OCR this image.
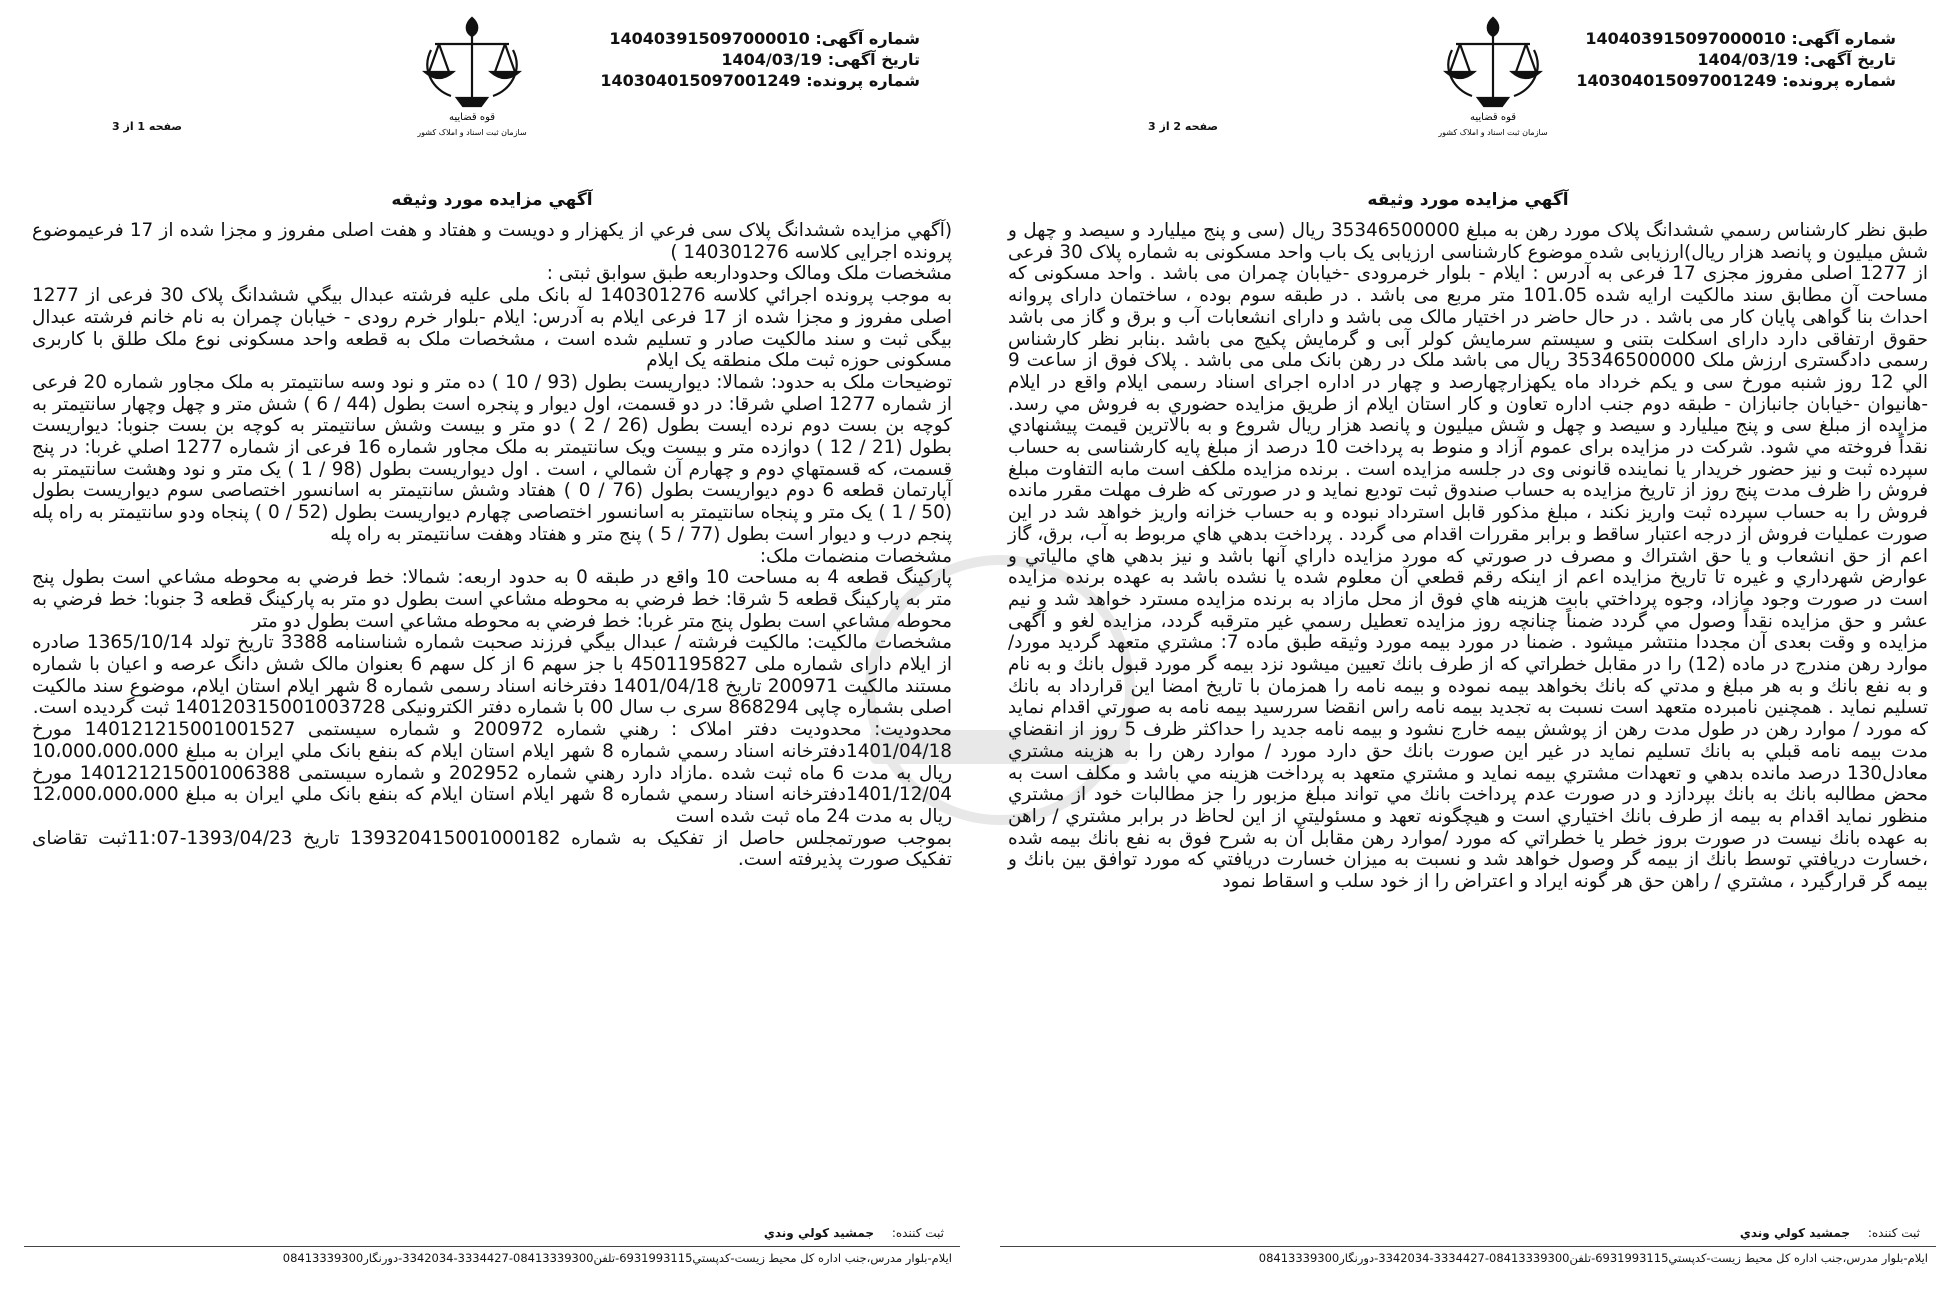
شماره آگهی: 14040391509700001​0
تاریخ آگهی: 1404/03/19
شماره پرونده: 140304015097001249
قوه قضاییه
سازمان ثبت اسناد و املاک کشور
صفحه 2 از 3
آگهي مزايده مورد وثيقه

طبق نظر كارشناس رسمي ششدانگ پلاک مورد رهن به مبلغ 35346500000 ریال (سی و پنج میلیارد و سیصد و چهل و شش میلیون و پانصد هزار ریال)ارزیابی شده موضوع کارشناسی ارزیابی یک باب واحد مسکونی به شماره پلاک 30 فرعی از 1277 اصلی مفروز مجزی 17 فرعی به آدرس : ایلام - بلوار خرمرودی -خیابان چمران می باشد . واحد مسکونی که مساحت آن مطابق سند مالکیت ارایه شده 101.05 متر مربع می باشد . در طبقه سوم بوده ، ساختمان دارای پروانه احداث بنا گواهی پایان کار می باشد . در حال حاضر در اختیار مالک می باشد و دارای انشعابات آب و برق و گاز می باشد حقوق ارتفاقی دارد دارای اسکلت بتنی و سیستم سرمایش کولر آبی و گرمایش پکیج می باشد .بنابر نظر کارشناس رسمی دادگستری ارزش ملک 35346500000 ریال می باشد ملک در رهن بانک ملی می باشد . پلاک فوق از ساعت 9 الي 12 روز شنبه مورخ سی و یکم خرداد ماه یکهزارچهارصد و چهار در اداره اجرای اسناد رسمی ایلام واقع در ایلام -هانیوان -خیابان جانبازان - طبقه دوم جنب اداره تعاون و کار استان ایلام از طريق مزايده حضوري به فروش مي رسد. مزايده از مبلغ سی و پنج میلیارد و سیصد و چهل و شش میلیون و پانصد هزار ریال شروع و به بالاترين قيمت پيشنهادي نقداً فروخته مي شود. شرکت در مزایده برای عموم آزاد و منوط به پرداخت 10 درصد از مبلغ پایه کارشناسی به حساب سپرده ثبت و نیز حضور خریدار یا نماینده قانونی وی در جلسه مزایده است . برنده مزایده ملکف است مابه التفاوت مبلغ فروش را ظرف مدت پنج روز از تاریخ مزایده به حساب صندوق ثبت تودیع نماید و در صورتی که ظرف مهلت مقرر مانده فروش را به حساب سپرده ثبت واریز نکند ، مبلغ مذکور قابل استرداد نبوده و به حساب خزانه واریز خواهد شد در این صورت عملیات فروش از درجه اعتبار ساقط و برابر مقررات اقدام می گردد . پرداخت بدهي هاي مربوط به آب، برق، گاز اعم از حق انشعاب و يا حق اشتراك و مصرف در صورتي كه مورد مزايده داراي آنها باشد و نيز بدهي هاي مالياتي و عوارض شهرداري و غيره تا تاريخ مزايده اعم از اينكه رقم قطعي آن معلوم شده يا نشده باشد به عهده برنده مزايده است در صورت وجود مازاد، وجوه پرداختي بابت هزينه هاي فوق از محل مازاد به برنده مزايده مسترد خواهد شد و نيم عشر و حق مزايده نقداً وصول مي گردد ضمناً چنانچه روز مزايده تعطيل رسمي غير مترقبه گردد، مزايده لغو و آگهی مزايده و وقت بعدی آن مجددا منتشر میشود . ضمنا در مورد بيمه مورد وثيقه طبق ماده 7: مشتري متعهد گرديد مورد/موارد رهن مندرج در ماده (12) را در مقابل خطراتي كه از طرف بانك تعيين ميشود نزد بيمه گر مورد قبول بانك و به نام و به نفع بانك و به هر مبلغ و مدتي كه بانك بخواهد بيمه نموده و بيمه نامه را همزمان با تاريخ امضا اين قرارداد به بانك تسليم نمايد . همچنين نامبرده متعهد است نسبت به تجديد بيمه نامه راس انقضا سررسيد بيمه نامه به صورتي اقدام نمايد كه مورد / موارد رهن در طول مدت رهن از پوشش بيمه خارج نشود و بيمه نامه جديد را حداكثر ظرف 5 روز از انقضاي مدت بيمه نامه قبلي به بانك تسليم نمايد در غير اين صورت بانك حق دارد مورد / موارد رهن را به هزينه مشتري معادل130 درصد مانده بدهي و تعهدات مشتري بيمه نمايد و مشتري متعهد به پرداخت هزينه مي باشد و مكلف است به محض مطالبه بانك به بانك بپردازد و در صورت عدم پرداخت بانك مي تواند مبلغ مزبور را جز مطالبات خود از مشتري منظور نمايد اقدام به بيمه از طرف بانك اختياري است و هيچگونه تعهد و مسئوليتي از اين لحاظ در برابر مشتري / راهن به عهده بانك نيست در صورت بروز خطر يا خطراتي كه مورد /موارد رهن مقابل آن به شرح فوق به نفع بانك بيمه شده ،خسارت دريافتي توسط بانك از بيمه گر وصول خواهد شد و نسبت به ميزان خسارت دريافتي كه مورد توافق بين بانك و بيمه گر قرارگيرد ، مشتري / راهن حق هر گونه ايراد و اعتراض را از خود سلب و اسقاط نمود

ثبت کننده: جمشيد كولي وندي
ايلام-بلوار مدرس،جنب اداره كل محيط زيست-كدپستي6931993115-تلفن08413339300-3334427-3342034-دورنگار08413339300
شماره آگهی: 140403915097000010
تاریخ آگهی: 1404/03/19
شماره پرونده: 140304015097001249
قوه قضاییه
سازمان ثبت اسناد و املاک کشور
صفحه 1 از 3
آگهي مزايده مورد وثيقه

(آگهي مزايده ششدانگ پلاک سی فرعي از يكهزار و دويست و هفتاد و هفت اصلی مفروز و مجزا شده از 17 فرعيموضوع پرونده اجرايى كلاسه 140301276 )

مشخصات ملک ومالک وحدوداربعه طبق سوابق ثبتی :

به موجب پرونده اجرائي كلاسه 140301276 له بانک ملی علیه فرشته عبدال بيگي ششدانگ پلاک 30 فرعی از 1277 اصلی مفروز و مجزا شده از 17 فرعی ایلام به آدرس: ایلام -بلوار خرم رودی - خیابان چمران به نام خانم فرشته عبدال بیگی ثبت و سند مالکیت صادر و تسلیم شده است ، مشخصات ملک به قطعه واحد مسکونی نوع ملک طلق با کاربری مسکونی حوزه ثبت ملک منطقه یک ایلام

توضیحات ملک به حدود: شمالا: دیواریست بطول (93 / 10 ) ده متر و نود وسه سانتیمتر به ملک مجاور شماره 20 فرعی از شماره 1277 اصلي شرقا: در دو قسمت، اول دیوار و پنجره است بطول (44 / 6 ) شش متر و چهل وچهار سانتیمتر به کوچه بن بست دوم نرده ایست بطول (26 / 2 ) دو متر و بیست وشش سانتیمتر به کوچه بن بست جنوبا: دیواریست بطول (21 / 12 ) دوازده متر و بیست ویک سانتیمتر به ملک مجاور شماره 16 فرعی از شماره 1277 اصلي غربا: در پنج قسمت، که قسمتهاي دوم و چهارم آن شمالي ، است . اول دیواریست بطول (98 / 1 ) یک متر و نود وهشت سانتیمتر به آپارتمان قطعه 6 دوم دیواریست بطول (76 / 0 ) هفتاد وشش سانتیمتر به اسانسور اختصاصی سوم دیواریست بطول (50 / 1 ) یک متر و پنجاه سانتیمتر به اسانسور اختصاصی چهارم دیواریست بطول (52 / 0 ) پنجاه ودو سانتیمتر به راه پله پنجم درب و دیوار است بطول (77 / 5 ) پنج متر و هفتاد وهفت سانتیمتر به راه پله

مشخصات منضمات ملک:

پارکینگ قطعه 4 به مساحت 10 واقع در طبقه 0 به حدود اربعه: شمالا: خط فرضي به محوطه مشاعي است بطول پنج متر به پارکینگ قطعه 5 شرقا: خط فرضي به محوطه مشاعي است بطول دو متر به پارکینگ قطعه 3 جنوبا: خط فرضي به محوطه مشاعي است بطول پنج متر غربا: خط فرضي به محوطه مشاعي است بطول دو متر

مشخصات مالکیت: مالکیت فرشته / عبدال بيگي فرزند صحبت شماره شناسنامه 3388 تاریخ تولد 1365/10/14 صادره از ایلام دارای شماره ملی 4501195827 با جز سهم 6 از کل سهم 6 بعنوان مالک شش دانگ عرصه و اعیان با شماره مستند مالکیت 200971 تاریخ 1401/04/18 دفترخانه اسناد رسمی شماره 8 شهر ایلام استان ایلام، موضوع سند مالکیت اصلی بشماره چاپی 868294 سری ب سال 00 با شماره دفتر الکترونیکی 140120315001003728 ثبت گردیده است.

محدوديت: محدوديت دفتر املاک : رهني شماره 200972 و شماره سيستمی 140121215001001527 مورخ 1401/04/18دفترخانه اسناد رسمي شماره 8 شهر ايلام استان ايلام كه بنفع بانک ملي ايران به مبلغ 10،000،000،000 ريال به مدت 6 ماه ثبت شده .مازاد دارد رهني شماره 202952 و شماره سيستمی 140121215001006388 مورخ 1401/12/04دفترخانه اسناد رسمي شماره 8 شهر ايلام استان ايلام كه بنفع بانک ملي ايران به مبلغ 12،000،000،000 ريال به مدت 24 ماه ثبت شده است

بموجب صورتمجلس حاصل از تفکیک به شماره 13932041500100018​2 تاریخ 1393/04/23-11:07ثبت تقاضای تفکیک صورت پذیرفته است.

ثبت کننده: جمشيد كولي وندي
ايلام-بلوار مدرس،جنب اداره كل محيط زيست-كدپستي6931993115-تلفن08413339300-3334427-3342034-دورنگار08413339300
